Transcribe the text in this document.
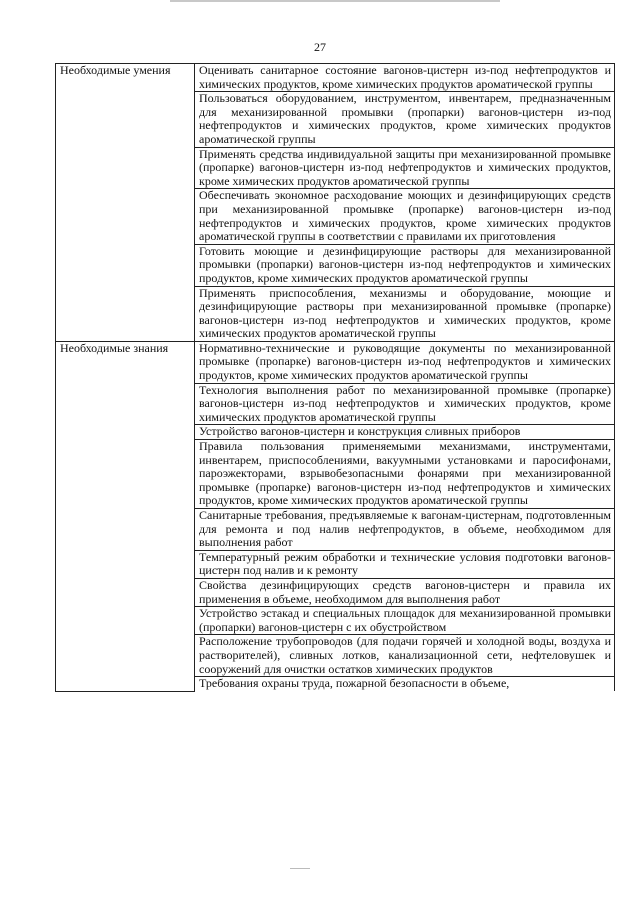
27
Необходимые умения	Оценивать санитарное состояние вагонов-цистерн из-под нефтепродуктов и химических продуктов, кроме химических продуктов ароматической группы
	Пользоваться оборудованием, инструментом, инвентарем, предназначенным для механизированной промывки (пропарки) вагонов-цистерн из-под нефтепродуктов и химических продуктов, кроме химических продуктов ароматической группы
	Применять средства индивидуальной защиты при механизированной промывке (пропарке) вагонов-цистерн из-под нефтепродуктов и химических продуктов, кроме химических продуктов ароматической группы
	Обеспечивать экономное расходование моющих и дезинфицирующих средств при механизированной промывке (пропарке) вагонов-цистерн из-под нефтепродуктов и химических продуктов, кроме химических продуктов ароматической группы в соответствии с правилами их приготовления
	Готовить моющие и дезинфицирующие растворы для механизированной промывки (пропарки) вагонов-цистерн из-под нефтепродуктов и химических продуктов, кроме химических продуктов ароматической группы
	Применять приспособления, механизмы и оборудование, моющие и дезинфицирующие растворы при механизированной промывке (пропарке) вагонов-цистерн из-под нефтепродуктов и химических продуктов, кроме химических продуктов ароматической группы
Необходимые знания	Нормативно-технические и руководящие документы по механизированной промывке (пропарке) вагонов-цистерн из-под нефтепродуктов и химических продуктов, кроме химических продуктов ароматической группы
	Технология выполнения работ по механизированной промывке (пропарке) вагонов-цистерн из-под нефтепродуктов и химических продуктов, кроме химических продуктов ароматической группы
	Устройство вагонов-цистерн и конструкция сливных приборов
	Правила пользования применяемыми механизмами, инструментами, инвентарем, приспособлениями, вакуумными установками и паросифонами, пароэжекторами, взрывобезопасными фонарями при механизированной промывке (пропарке) вагонов-цистерн из-под нефтепродуктов и химических продуктов, кроме химических продуктов ароматической группы
	Санитарные требования, предъявляемые к вагонам-цистернам, подготовленным для ремонта и под налив нефтепродуктов, в объеме, необходимом для выполнения работ
	Температурный режим обработки и технические условия подготовки вагонов-цистерн под налив и к ремонту
	Свойства дезинфицирующих средств вагонов-цистерн и правила их применения в объеме, необходимом для выполнения работ
	Устройство эстакад и специальных площадок для механизированной промывки (пропарки) вагонов-цистерн с их обустройством
	Расположение трубопроводов (для подачи горячей и холодной воды, воздуха и растворителей), сливных лотков, канализационной сети, нефтеловушек и сооружений для очистки остатков химических продуктов
	Требования охраны труда, пожарной безопасности в объеме,
